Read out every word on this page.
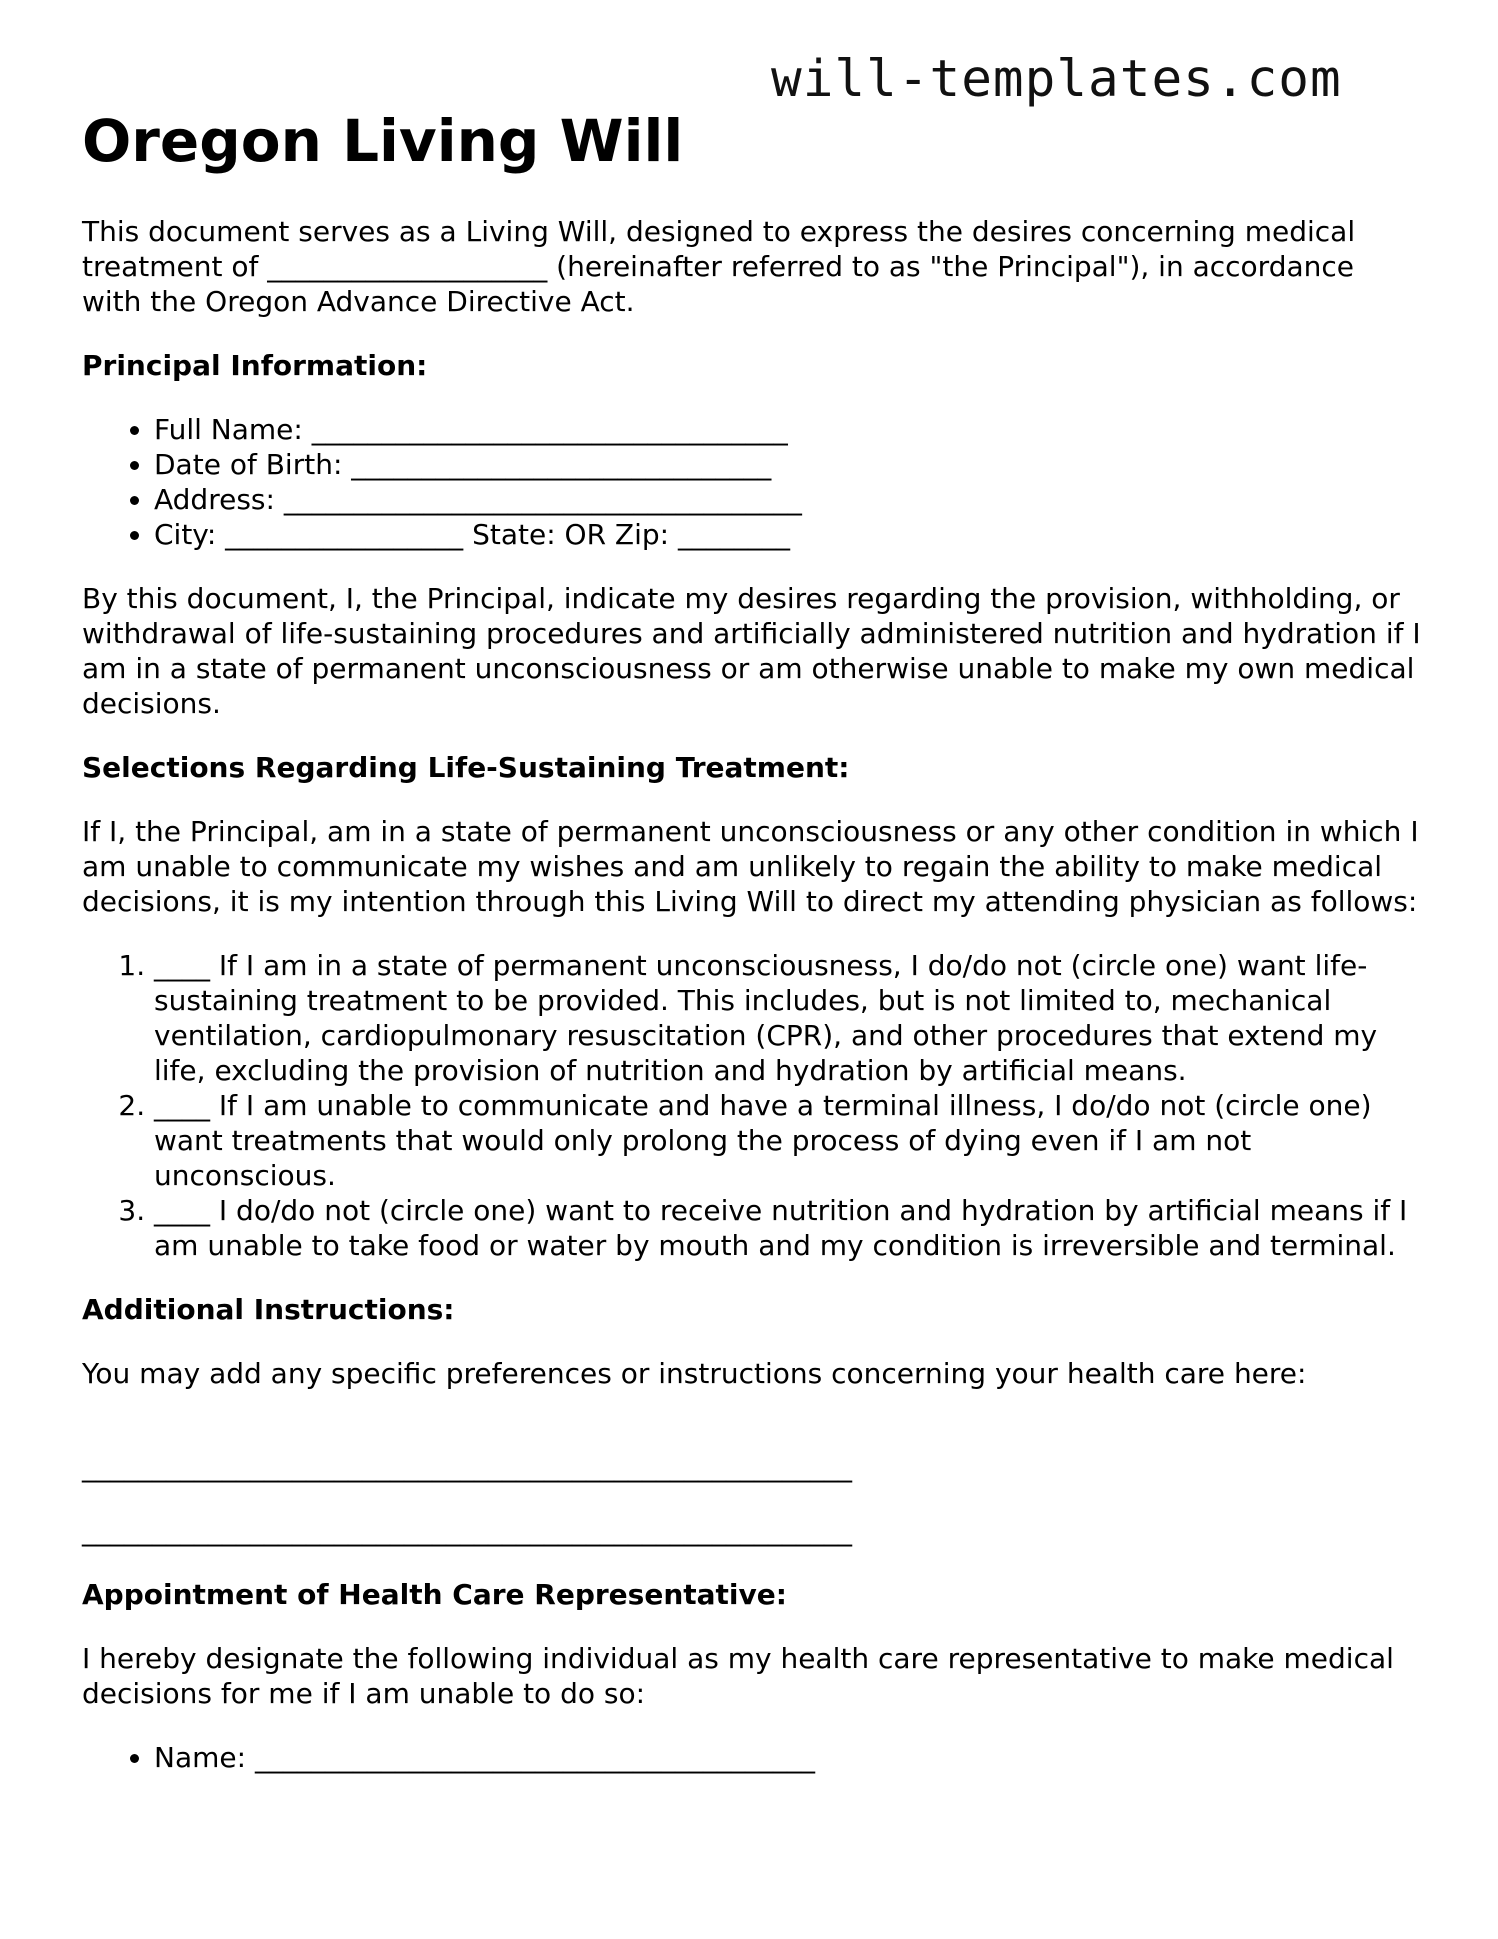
will-templates.com
Oregon Living Will

This document serves as a Living Will, designed to express the desires concerning medical treatment of ____________________ (hereinafter referred to as "the Principal"), in accordance with the Oregon Advance Directive Act.

Principal Information:
• Full Name: __________________________________
• Date of Birth: ______________________________
• Address: _____________________________________
• City: _________________ State: OR Zip: ________

By this document, I, the Principal, indicate my desires regarding the provision, withholding, or withdrawal of life-sustaining procedures and artificially administered nutrition and hydration if I am in a state of permanent unconsciousness or am otherwise unable to make my own medical decisions.

Selections Regarding Life-Sustaining Treatment:

If I, the Principal, am in a state of permanent unconsciousness or any other condition in which I am unable to communicate my wishes and am unlikely to regain the ability to make medical decisions, it is my intention through this Living Will to direct my attending physician as follows:

1. ____ If I am in a state of permanent unconsciousness, I do/do not (circle one) want life-sustaining treatment to be provided. This includes, but is not limited to, mechanical ventilation, cardiopulmonary resuscitation (CPR), and other procedures that extend my life, excluding the provision of nutrition and hydration by artificial means.
2. ____ If I am unable to communicate and have a terminal illness, I do/do not (circle one) want treatments that would only prolong the process of dying even if I am not unconscious.
3. ____ I do/do not (circle one) want to receive nutrition and hydration by artificial means if I am unable to take food or water by mouth and my condition is irreversible and terminal.
Additional Instructions:

You may add any specific preferences or instructions concerning your health care here:

_______________________________________________________
_______________________________________________________
Appointment of Health Care Representative:

I hereby designate the following individual as my health care representative to make medical decisions for me if I am unable to do so:

• Name: ________________________________________
